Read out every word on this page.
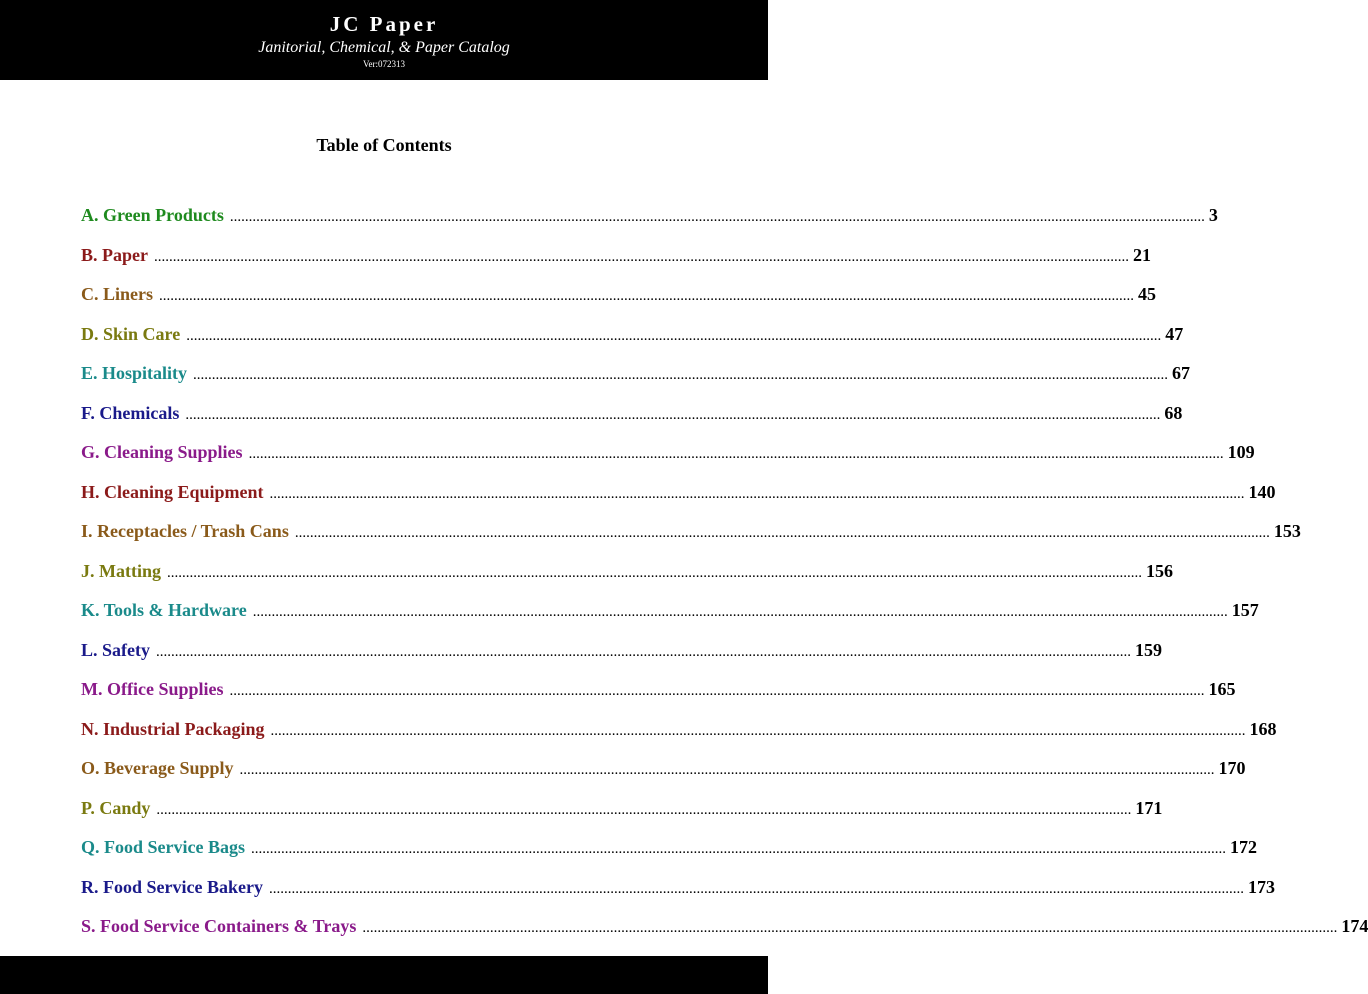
JC Paper
Janitorial, Chemical, & Paper Catalog
Ver:072313
Table of Contents
A. Green Products .................................................................................................................................................................................................................................................................... 3
B. Paper .................................................................................................................................................................................................................................................................... 21
C. Liners .................................................................................................................................................................................................................................................................... 45
D. Skin Care .................................................................................................................................................................................................................................................................... 47
E. Hospitality .................................................................................................................................................................................................................................................................... 67
F. Chemicals .................................................................................................................................................................................................................................................................... 68
G. Cleaning Supplies .................................................................................................................................................................................................................................................................... 109
H. Cleaning Equipment .................................................................................................................................................................................................................................................................... 140
I. Receptacles / Trash Cans .................................................................................................................................................................................................................................................................... 153
J. Matting .................................................................................................................................................................................................................................................................... 156
K. Tools & Hardware .................................................................................................................................................................................................................................................................... 157
L. Safety .................................................................................................................................................................................................................................................................... 159
M. Office Supplies .................................................................................................................................................................................................................................................................... 165
N. Industrial Packaging .................................................................................................................................................................................................................................................................... 168
O. Beverage Supply .................................................................................................................................................................................................................................................................... 170
P. Candy .................................................................................................................................................................................................................................................................... 171
Q. Food Service Bags .................................................................................................................................................................................................................................................................... 172
R. Food Service Bakery .................................................................................................................................................................................................................................................................... 173
S. Food Service Containers & Trays .................................................................................................................................................................................................................................................................... 174
